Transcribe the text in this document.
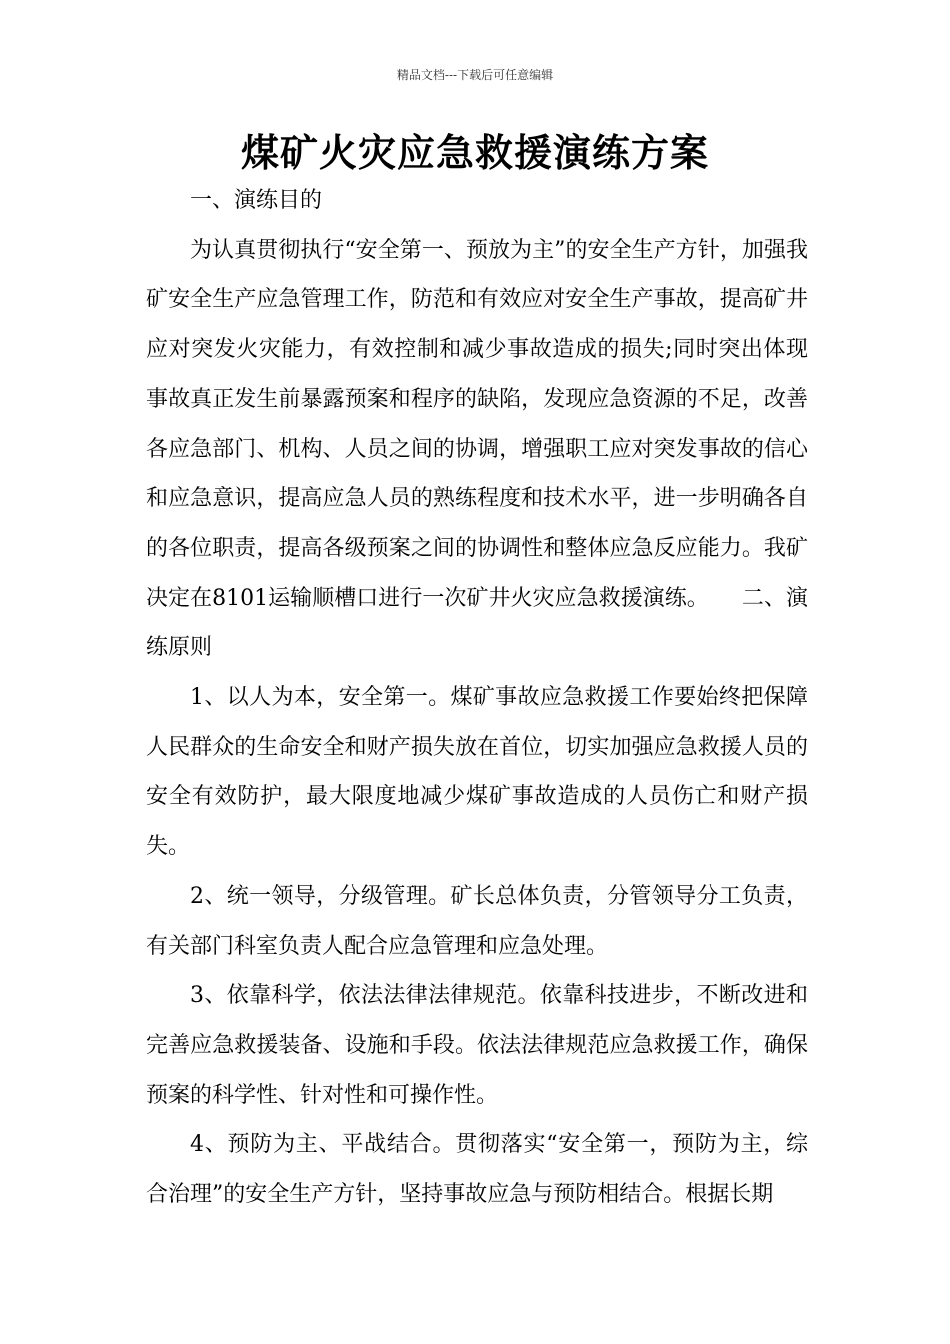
精品文档---下载后可任意编辑
煤矿火灾应急救援演练方案

一、演练目的

为认真贯彻执行“安全第一、预放为主”的安全生产方针，加强我矿安全生产应急管理工作，防范和有效应对安全生产事故，提高矿井应对突发火灾能力，有效控制和减少事故造成的损失;同时突出体现事故真正发生前暴露预案和程序的缺陷，发现应急资源的不足，改善各应急部门、机构、人员之间的协调，增强职工应对突发事故的信心和应急意识，提高应急人员的熟练程度和技术水平，进一步明确各自的各位职责，提高各级预案之间的协调性和整体应急反应能力。我矿决定在8101运输顺槽口进行一次矿井火灾应急救援演练。　　二、演练原则

1、以人为本，安全第一。煤矿事故应急救援工作要始终把保障人民群众的生命安全和财产损失放在首位，切实加强应急救援人员的安全有效防护，最大限度地减少煤矿事故造成的人员伤亡和财产损失。

2、统一领导，分级管理。矿长总体负责，分管领导分工负责，有关部门科室负责人配合应急管理和应急处理。

3、依靠科学，依法法律法律规范。依靠科技进步，不断改进和完善应急救援装备、设施和手段。依法法律规范应急救援工作，确保预案的科学性、针对性和可操作性。

4、预防为主、平战结合。贯彻落实“安全第一，预防为主，综合治理”的安全生产方针，坚持事故应急与预防相结合。根据长期
